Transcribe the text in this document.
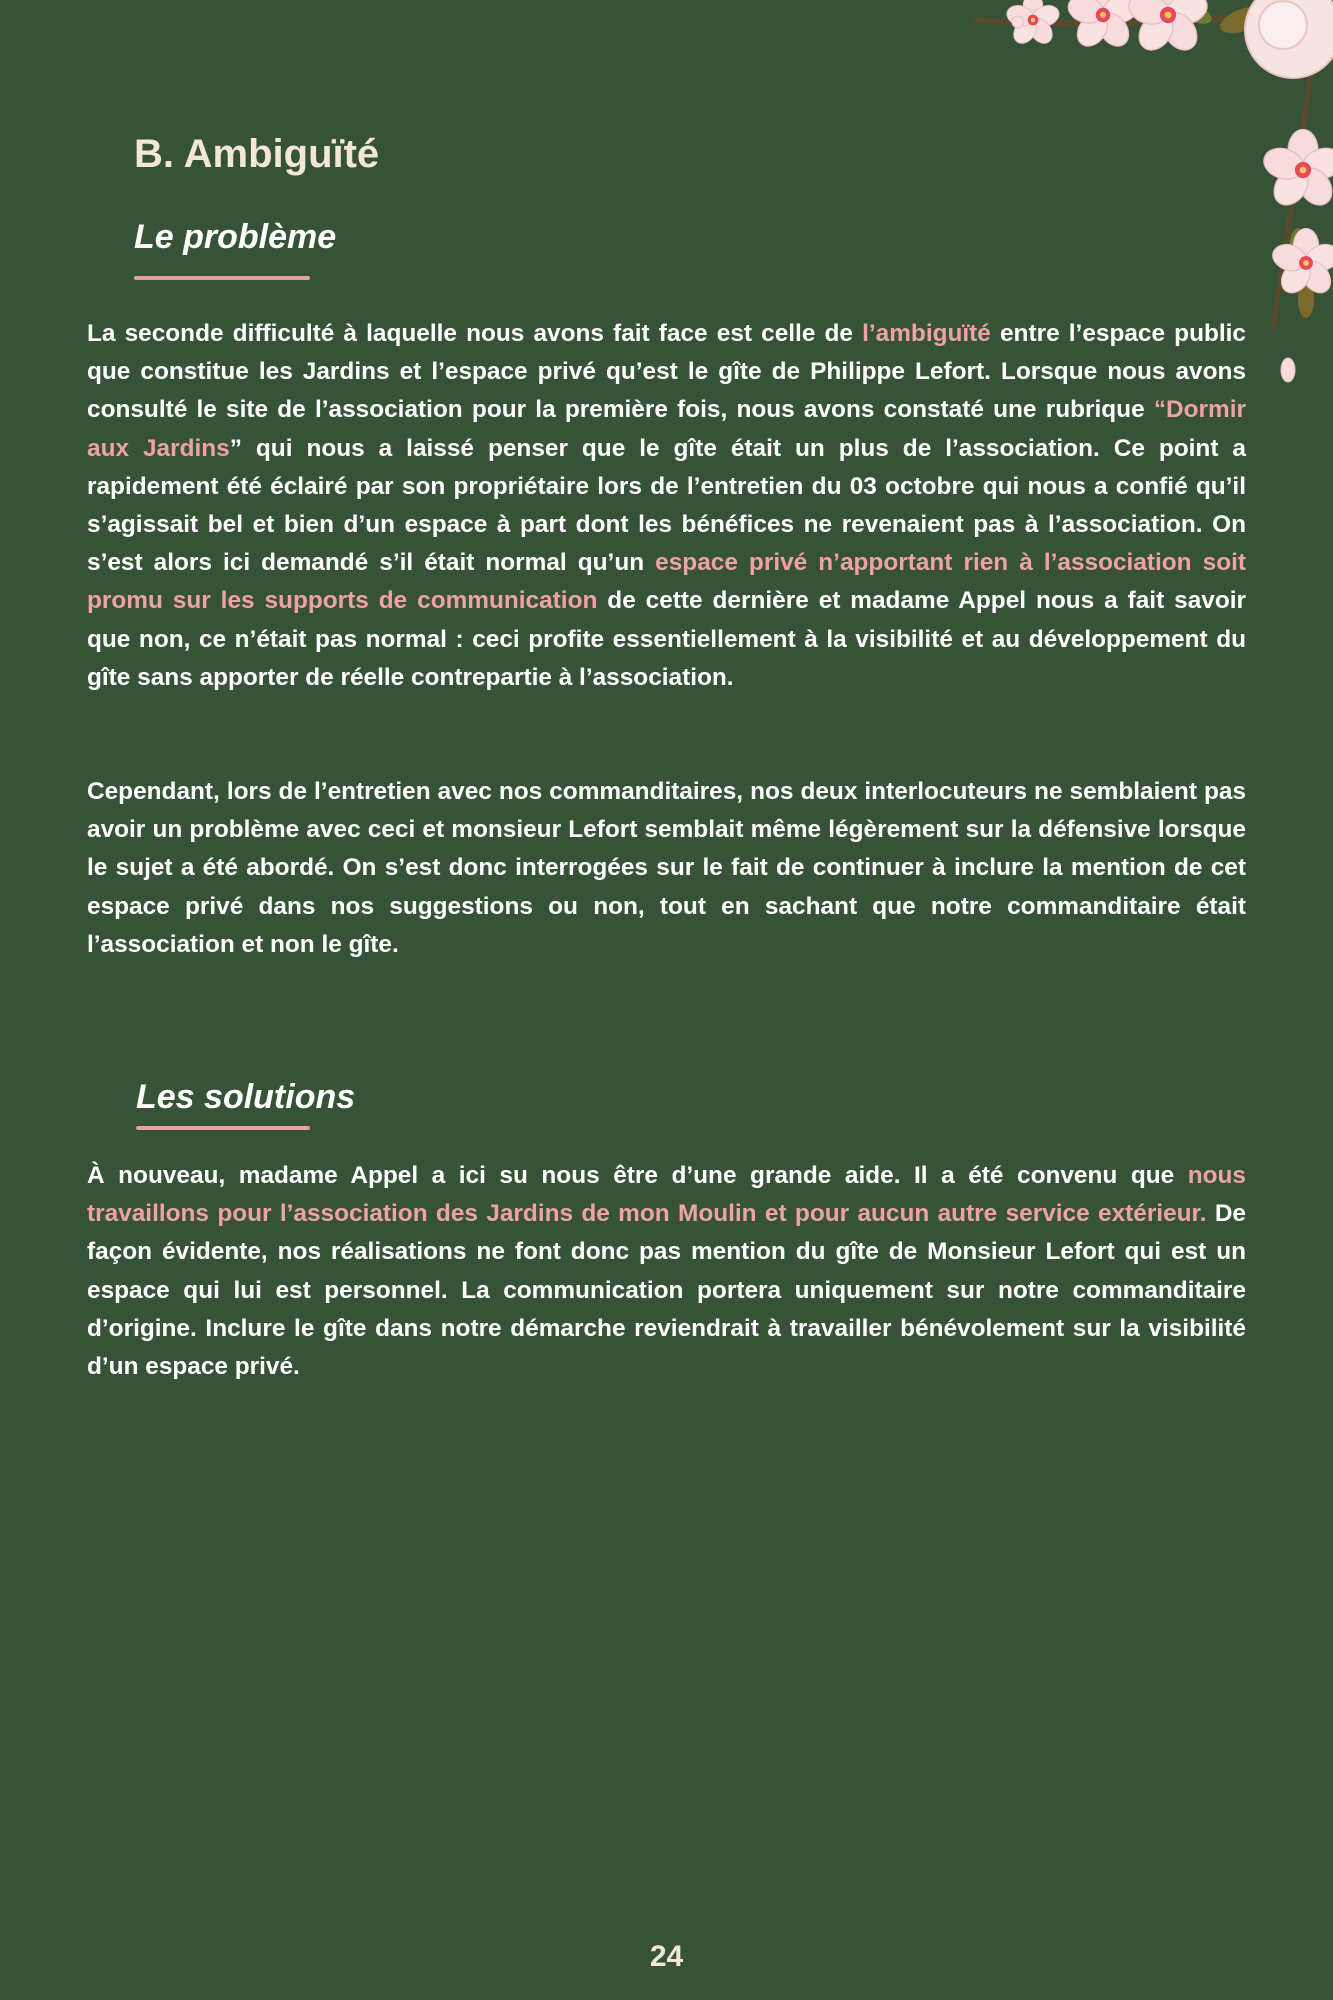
B. Ambiguïté
Le problème

La seconde difficulté à laquelle nous avons fait face est celle de l’ambiguïté entre l’espace public que constitue les Jardins et l’espace privé qu’est le gîte de Philippe Lefort. Lorsque nous avons consulté le site de l’association pour la première fois, nous avons constaté une rubrique “Dormir aux Jardins” qui nous a laissé penser que le gîte était un plus de l’association. Ce point a rapidement été éclairé par son propriétaire lors de l’entretien du 03 octobre qui nous a confié qu’il s’agissait bel et bien d’un espace à part dont les bénéfices ne revenaient pas à l’association. On s’est alors ici demandé s’il était normal qu’un espace privé n’apportant rien à l’association soit promu sur les supports de communication de cette dernière et madame Appel nous a fait savoir que non, ce n’était pas normal : ceci profite essentiellement à la visibilité et au développement du gîte sans apporter de réelle contrepartie à l’association.

Cependant, lors de l’entretien avec nos commanditaires, nos deux interlocuteurs ne semblaient pas avoir un problème avec ceci et monsieur Lefort semblait même légèrement sur la défensive lorsque le sujet a été abordé. On s’est donc interrogées sur le fait de continuer à inclure la mention de cet espace privé dans nos suggestions ou non, tout en sachant que notre commanditaire était l’association et non le gîte.

Les solutions

À nouveau, madame Appel a ici su nous être d’une grande aide. Il a été convenu que nous travaillons pour l’association des Jardins de mon Moulin et pour aucun autre service extérieur. De façon évidente, nos réalisations ne font donc pas mention du gîte de Monsieur Lefort qui est un espace qui lui est personnel. La communication portera uniquement sur notre commanditaire d’origine. Inclure le gîte dans notre démarche reviendrait à travailler bénévolement sur la visibilité d’un espace privé.

24
